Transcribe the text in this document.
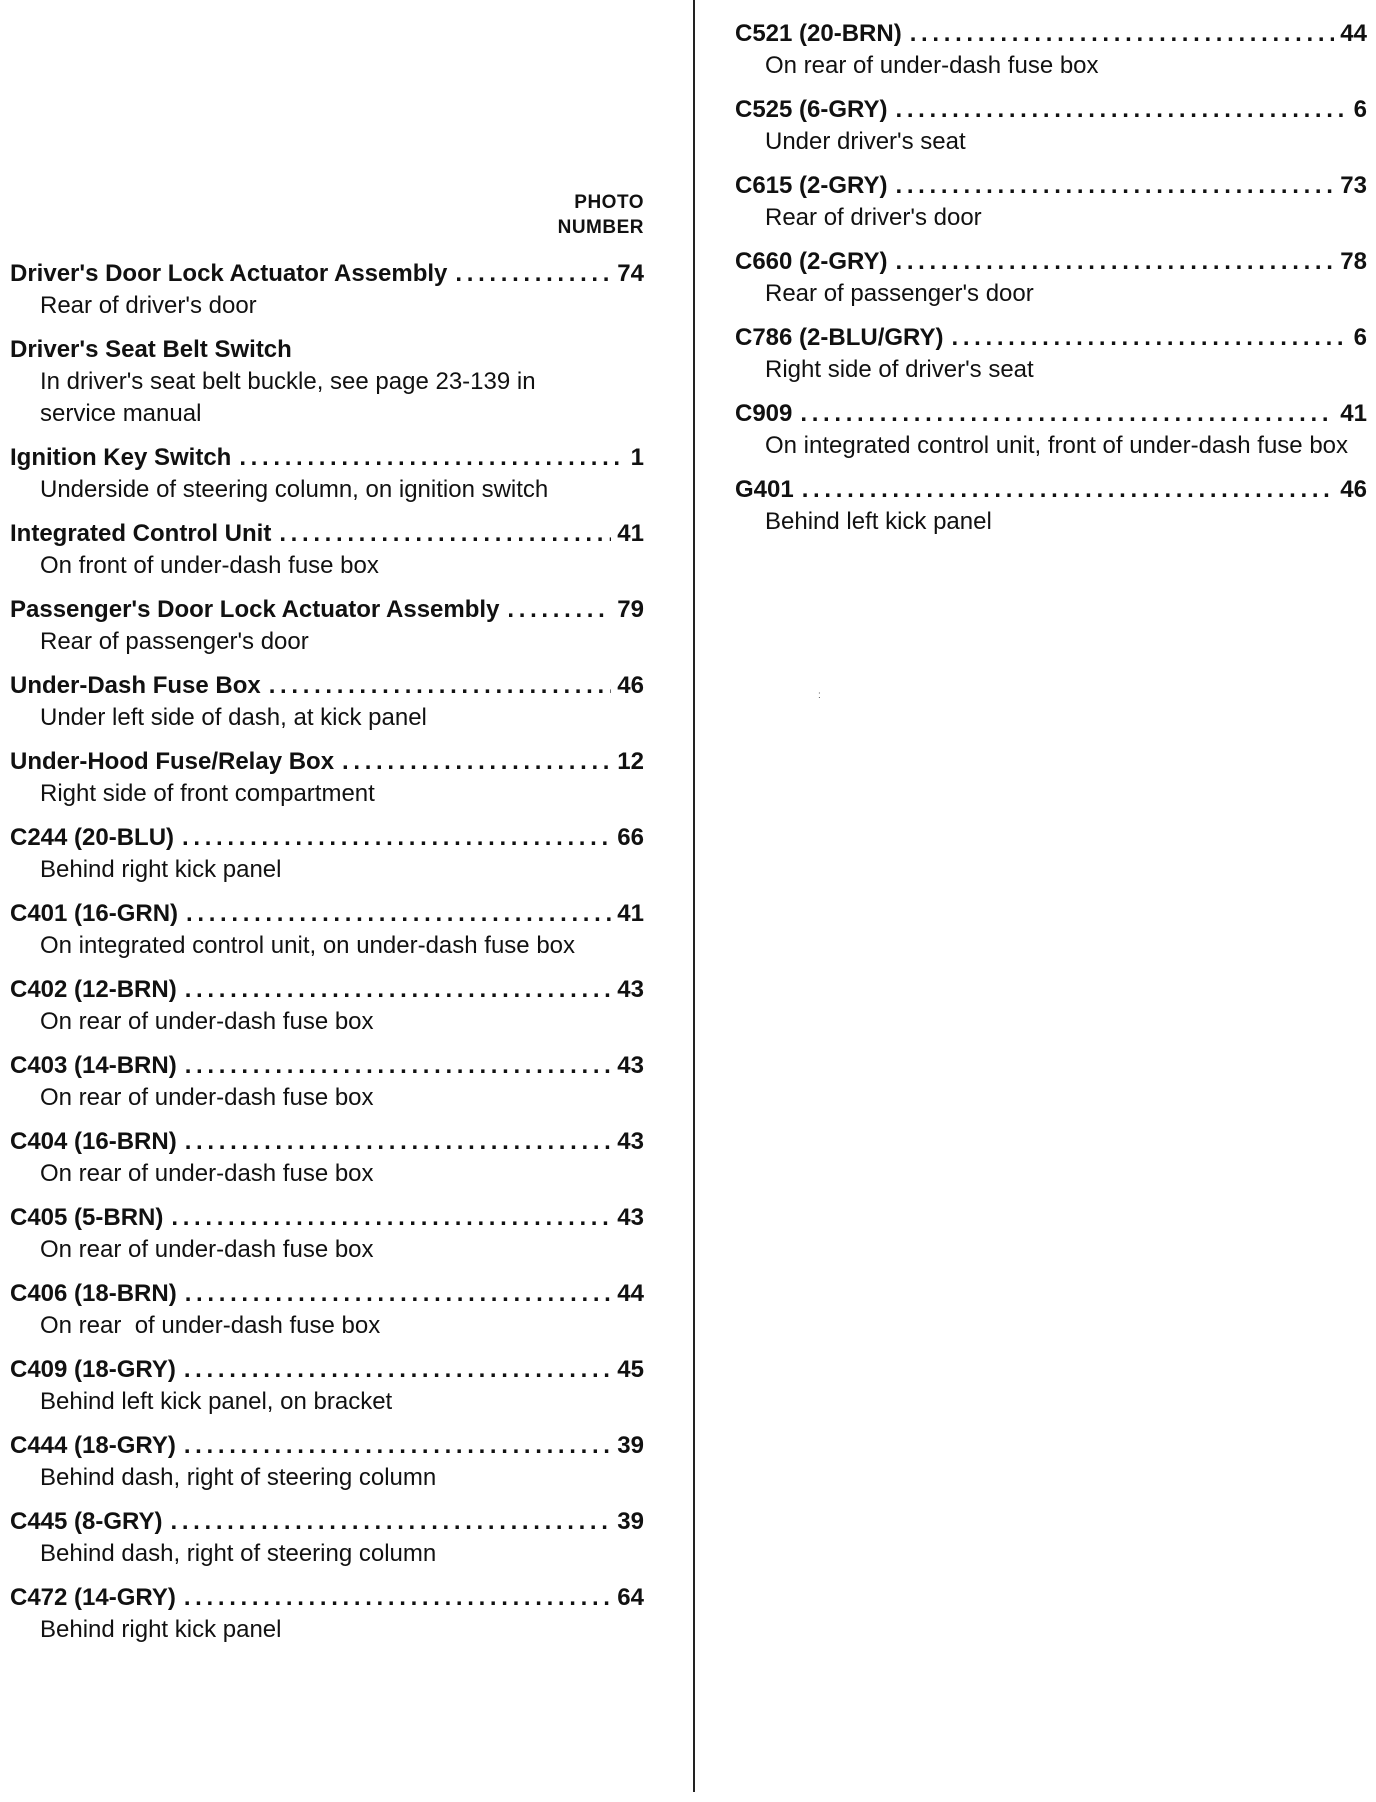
PHOTO
NUMBER
Driver's Door Lock Actuator Assembly . . .	74
Rear of driver's door
Driver's Seat Belt Switch
In driver's seat belt buckle, see page 23-139 in service manual
Ignition Key Switch . . .	1
Underside of steering column, on ignition switch
Integrated Control Unit . . .	41
On front of under-dash fuse box
Passenger's Door Lock Actuator Assembly . . .	79
Rear of passenger's door
Under-Dash Fuse Box . . .	46
Under left side of dash, at kick panel
Under-Hood Fuse/Relay Box . . .	12
Right side of front compartment
C244 (20-BLU) . . .	66
Behind right kick panel
C401 (16-GRN) . . .	41
On integrated control unit, on under-dash fuse box
C402 (12-BRN) . . .	43
On rear of under-dash fuse box
C403 (14-BRN) . . .	43
On rear of under-dash fuse box
C404 (16-BRN) . . .	43
On rear of under-dash fuse box
C405 (5-BRN) . . .	43
On rear of under-dash fuse box
C406 (18-BRN) . . .	44
On rear  of under-dash fuse box
C409 (18-GRY) . . .	45
Behind left kick panel, on bracket
C444 (18-GRY) . . .	39
Behind dash, right of steering column
C445 (8-GRY) . . .	39
Behind dash, right of steering column
C472 (14-GRY) . . .	64
Behind right kick panel
C521 (20-BRN) . . .	44
On rear of under-dash fuse box
C525 (6-GRY) . . .	6
Under driver's seat
C615 (2-GRY) . . .	73
Rear of driver's door
C660 (2-GRY) . . .	78
Rear of passenger's door
C786 (2-BLU/GRY) . . .	6
Right side of driver's seat
C909 . . .	41
On integrated control unit, front of under-dash fuse box
G401 . . .	46
Behind left kick panel
:
